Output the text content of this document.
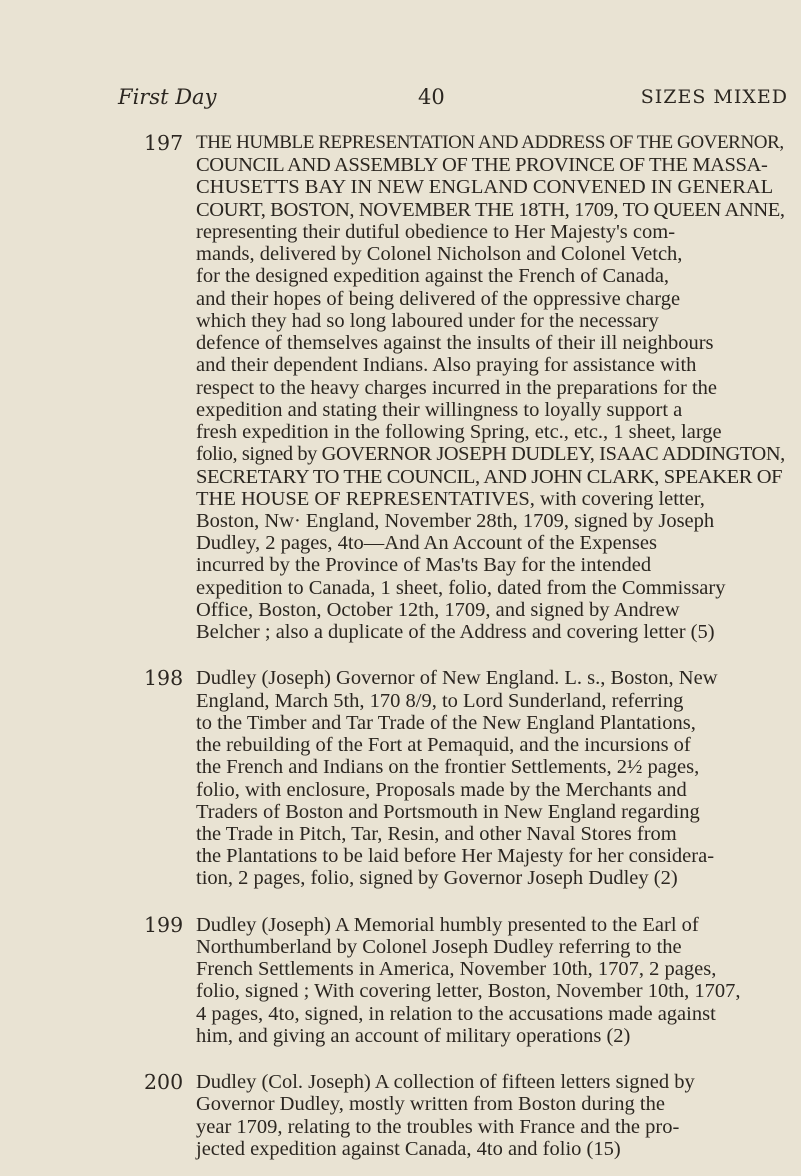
First Day	40	SIZES MIXED
197 THE HUMBLE REPRESENTATION AND ADDRESS OF THE GOVERNOR,
COUNCIL AND ASSEMBLY OF THE PROVINCE OF THE MASSA-
CHUSETTS BAY IN NEW ENGLAND CONVENED IN GENERAL
COURT, BOSTON, NOVEMBER THE 18TH, 1709, TO QUEEN ANNE,
representing their dutiful obedience to Her Majesty's com-
mands, delivered by Colonel Nicholson and Colonel Vetch,
for the designed expedition against the French of Canada,
and their hopes of being delivered of the oppressive charge
which they had so long laboured under for the necessary
defence of themselves against the insults of their ill neighbours
and their dependent Indians. Also praying for assistance with
respect to the heavy charges incurred in the preparations for the
expedition and stating their willingness to loyally support a
fresh expedition in the following Spring, etc., etc., 1 sheet, large
folio, signed by GOVERNOR JOSEPH DUDLEY, ISAAC ADDINGTON,
SECRETARY TO THE COUNCIL, AND JOHN CLARK, SPEAKER OF
THE HOUSE OF REPRESENTATIVES, with covering letter,
Boston, Nw· England, November 28th, 1709, signed by Joseph
Dudley, 2 pages, 4to—And An Account of the Expenses
incurred by the Province of Mas'ts Bay for the intended
expedition to Canada, 1 sheet, folio, dated from the Commissary
Office, Boston, October 12th, 1709, and signed by Andrew
Belcher ; also a duplicate of the Address and covering letter (5)
198 Dudley (Joseph) Governor of New England. L. s., Boston, New
England, March 5th, 170 8/9, to Lord Sunderland, referring
to the Timber and Tar Trade of the New England Plantations,
the rebuilding of the Fort at Pemaquid, and the incursions of
the French and Indians on the frontier Settlements, 2½ pages,
folio, with enclosure, Proposals made by the Merchants and
Traders of Boston and Portsmouth in New England regarding
the Trade in Pitch, Tar, Resin, and other Naval Stores from
the Plantations to be laid before Her Majesty for her considera-
tion, 2 pages, folio, signed by Governor Joseph Dudley (2)
199 Dudley (Joseph) A Memorial humbly presented to the Earl of
Northumberland by Colonel Joseph Dudley referring to the
French Settlements in America, November 10th, 1707, 2 pages,
folio, signed ; With covering letter, Boston, November 10th, 1707,
4 pages, 4to, signed, in relation to the accusations made against
him, and giving an account of military operations (2)
200 Dudley (Col. Joseph) A collection of fifteen letters signed by
Governor Dudley, mostly written from Boston during the
year 1709, relating to the troubles with France and the pro-
jected expedition against Canada, 4to and folio (15)
